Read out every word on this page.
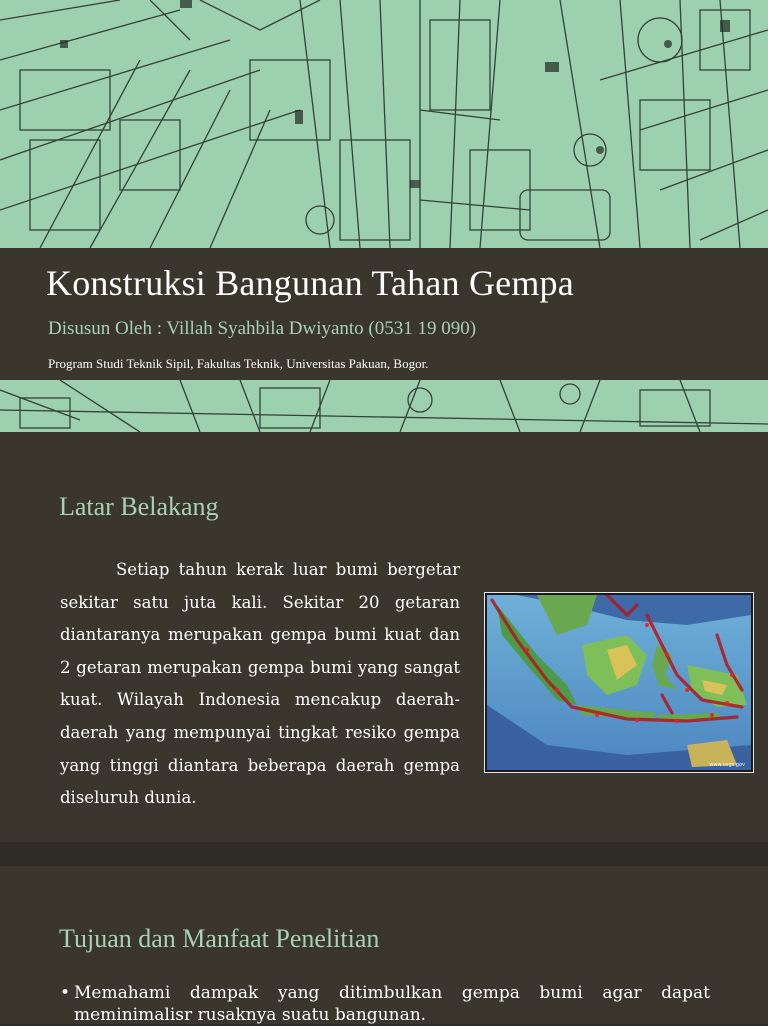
Konstruksi Bangunan Tahan Gempa
Disusun Oleh : Villah Syahbila Dwiyanto (0531 19 090)
Program Studi Teknik Sipil, Fakultas Teknik, Universitas Pakuan, Bogor.
Latar Belakang

Setiap tahun kerak luar bumi bergetar sekitar satu juta kali. Sekitar 20 getaran diantaranya merupakan gempa bumi kuat dan 2 getaran merupakan gempa bumi yang sangat kuat. Wilayah Indonesia mencakup daerah-daerah yang mempunyai tingkat resiko gempa yang tinggi diantara beberapa daerah gempa diseluruh dunia.

www.usgs.gov
Tujuan dan Manfaat Penelitian
• Memahami dampak yang ditimbulkan gempa bumi agar dapat meminimalisr rusaknya suatu bangunan.
